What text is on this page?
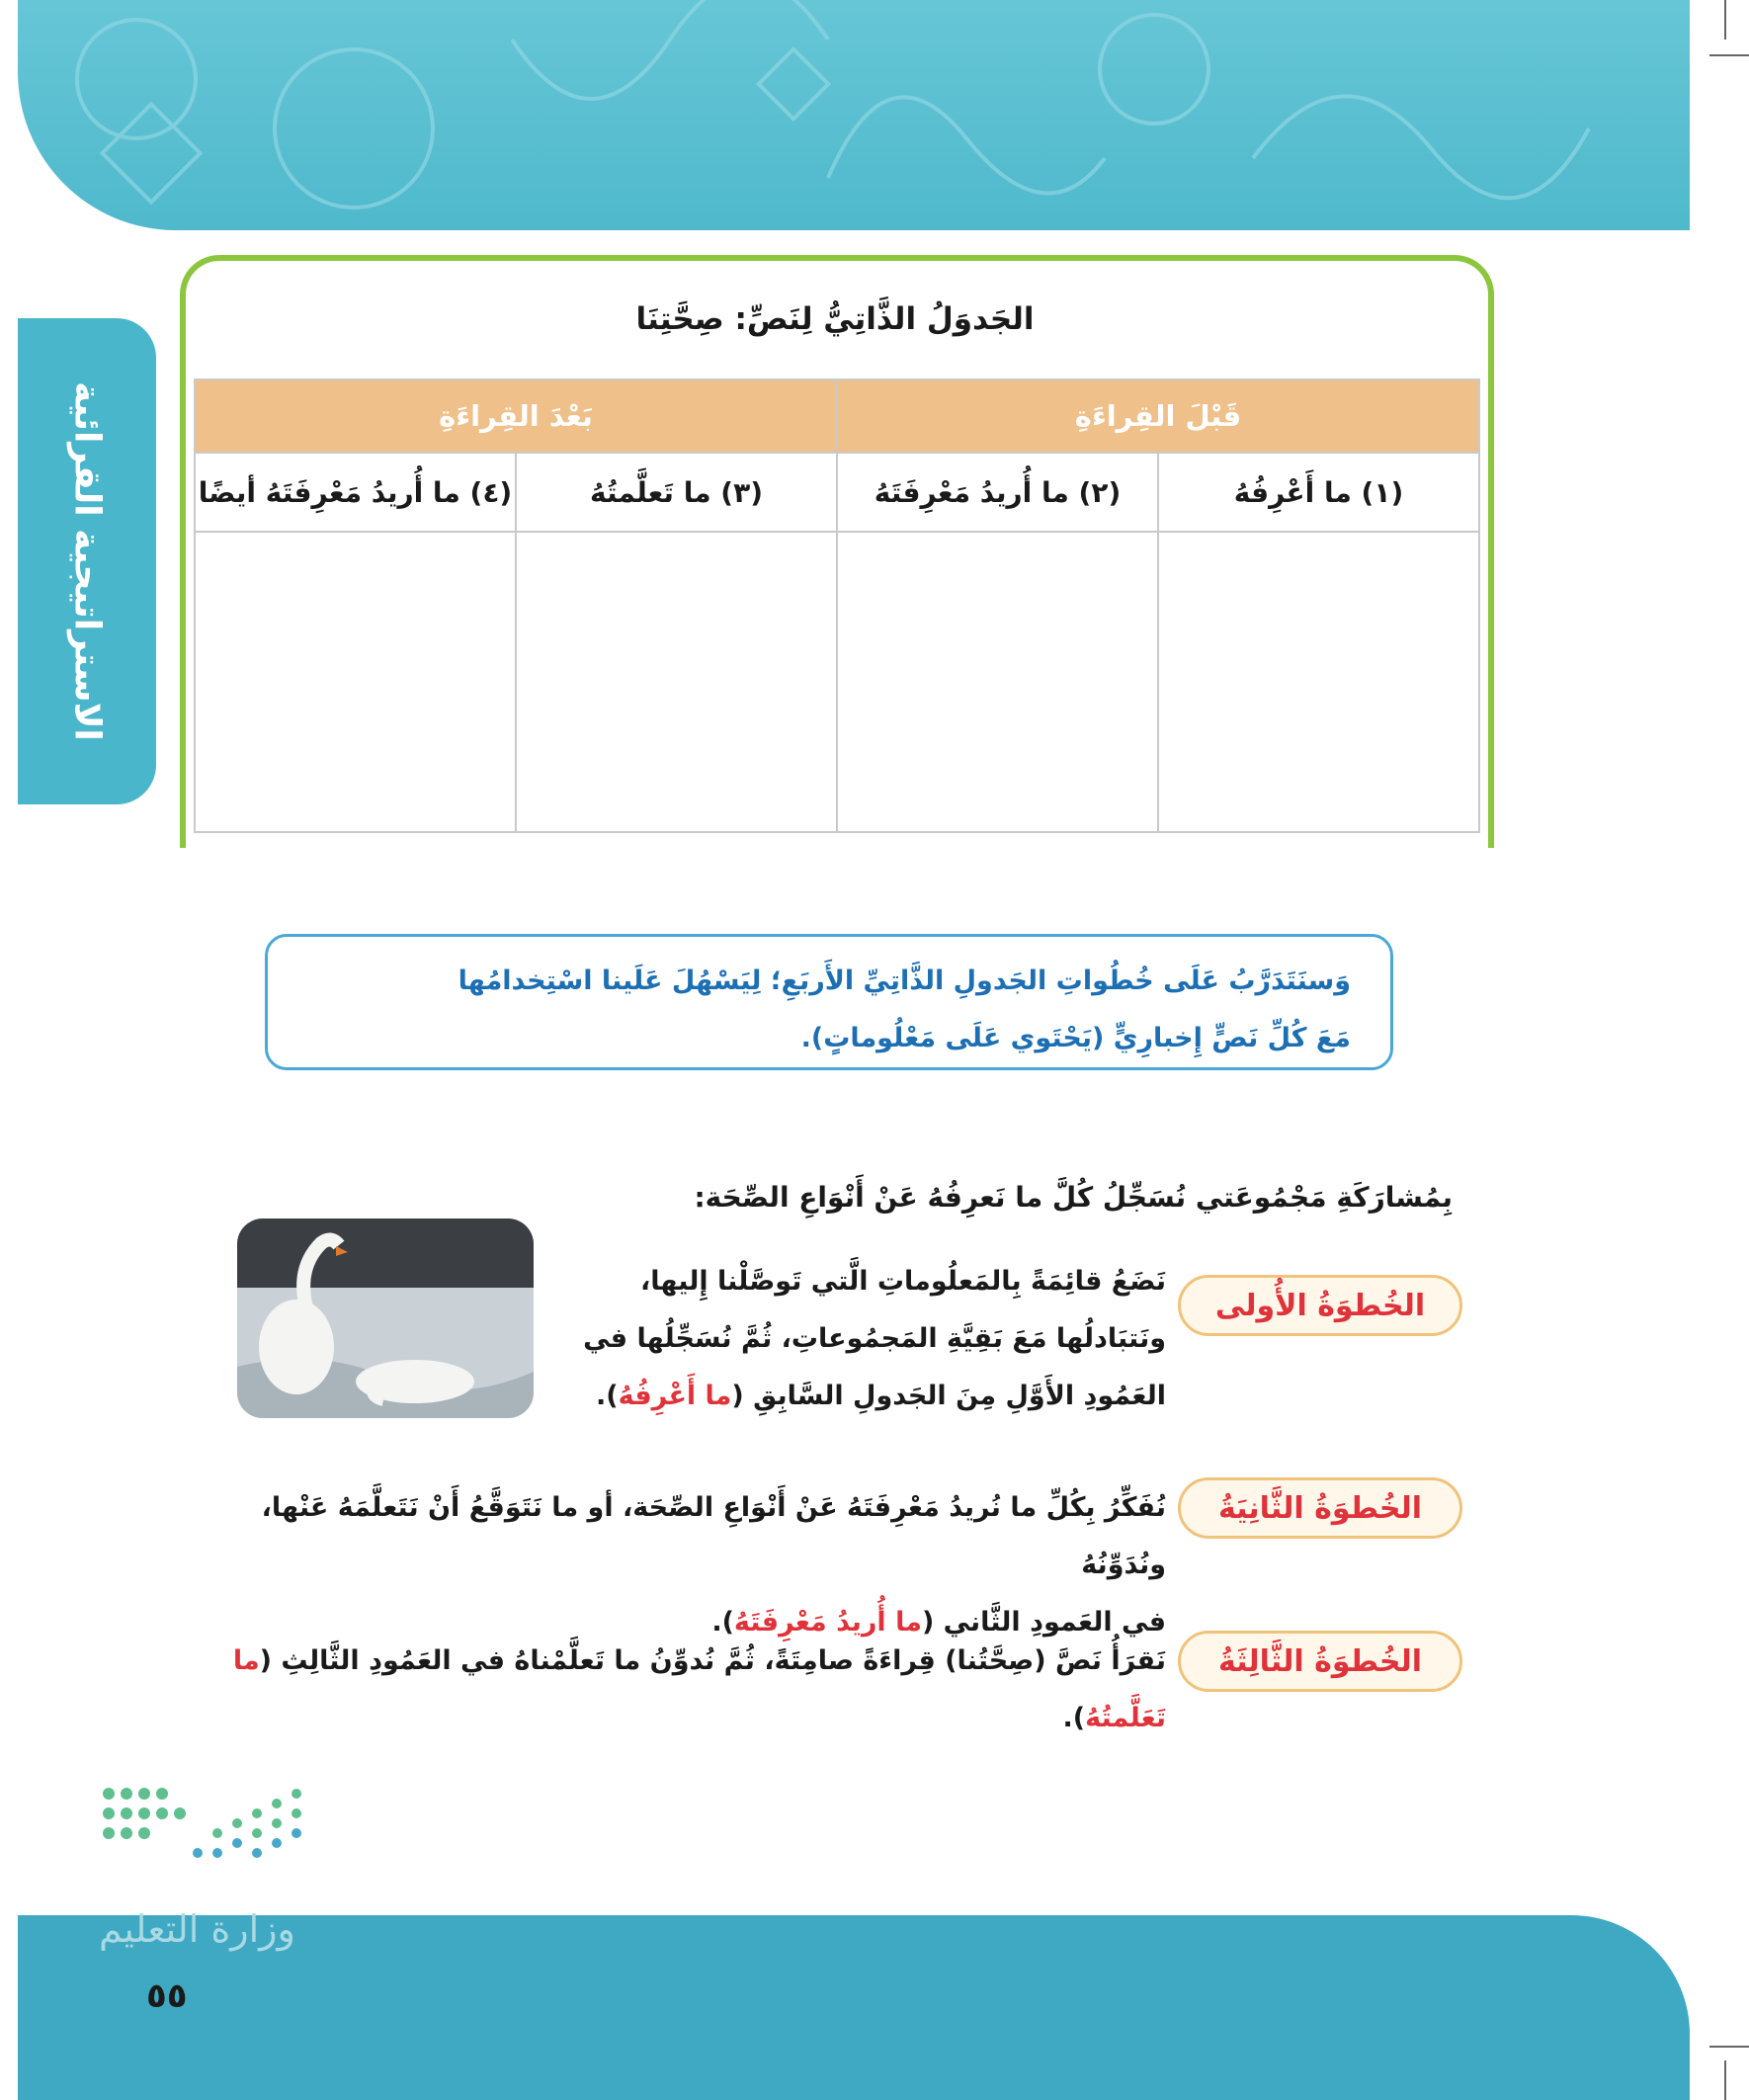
الاستراتيجية القرائية
الجَدوَلُ الذَّاتِيُّ لِنَصِّ: صِحَّتِنَا
قَبْلَ القِراءَةِ		بَعْدَ القِراءَةِ	
(١) ما أَعْرِفُهُ	(٢) ما أُريدُ مَعْرِفَتَهُ	(٣) ما تَعلَّمتُهُ	(٤) ما أُريدُ مَعْرِفَتَهُ أيضًا

وَسنَتَدَرَّبُ عَلَى خُطُواتِ الجَدولِ الذَّاتِيِّ الأَربَعِ؛ لِيَسْهُلَ عَلَينا اسْتِخدامُها
مَعَ كُلِّ نَصٍّ إِخبارِيٍّ (يَحْتَوي عَلَى مَعْلُوماتٍ).
بِمُشارَكَةِ مَجْمُوعَتي نُسَجِّلُ كُلَّ ما نَعرِفُهُ عَنْ أَنْوَاعِ الصِّحَة:
الخُطوَةُ الأُولى
نَضَعُ قائِمَةً بِالمَعلُوماتِ الَّتي تَوصَّلْنا إِليها،
ونَتبَادلُها مَعَ بَقِيَّةِ المَجمُوعاتِ، ثُمَّ نُسَجِّلُها في
العَمُودِ الأَوَّلِ مِنَ الجَدولِ السَّابِقِ (ما أَعْرِفُهُ).
الخُطوَةُ الثَّانِيَةُ
نُفَكِّرُ بِكُلِّ ما نُريدُ مَعْرِفَتَهُ عَنْ أَنْوَاعِ الصِّحَة، أو ما نَتَوَقَّعُ أَنْ نَتَعلَّمَهُ عَنْها، ونُدَوِّنُهُ
في العَمودِ الثَّاني (ما أُريدُ مَعْرِفَتَهُ).
الخُطوَةُ الثَّالِثَةُ
نَقرَأُ نَصَّ (صِحَّتُنا) قِراءَةً صامِتَةً، ثُمَّ نُدوِّنُ ما تَعلَّمْناهُ في العَمُودِ الثَّالِثِ (ما تَعَلَّمتُهُ).
وزارة التعليم
٥٥
